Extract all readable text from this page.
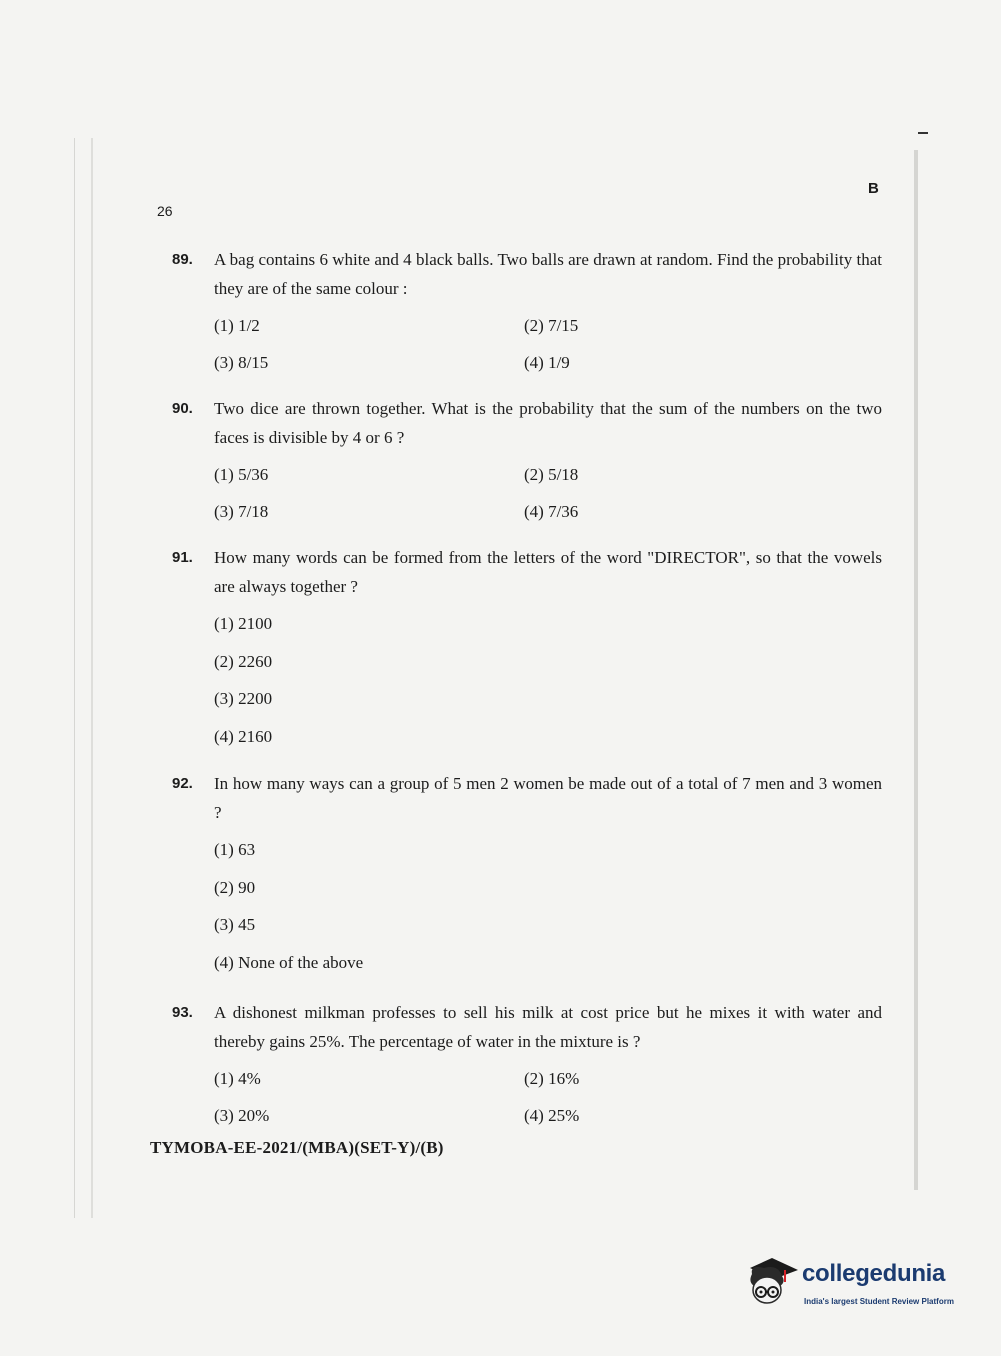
26
B
89. A bag contains 6 white and 4 black balls. Two balls are drawn at random. Find the probability that they are of the same colour :
(1) 1/2	(2) 7/15
(3) 8/15	(4) 1/9
90. Two dice are thrown together. What is the probability that the sum of the numbers on the two faces is divisible by 4 or 6 ?
(1) 5/36	(2) 5/18
(3) 7/18	(4) 7/36
91. How many words can be formed from the letters of the word "DIRECTOR", so that the vowels are always together ?
(1) 2100
(2) 2260
(3) 2200
(4) 2160
92. In how many ways can a group of 5 men 2 women be made out of a total of 7 men and 3 women ?
(1) 63
(2) 90
(3) 45
(4) None of the above
93. A dishonest milkman professes to sell his milk at cost price but he mixes it with water and thereby gains 25%. The percentage of water in the mixture is ?
(1) 4%	(2) 16%
(3) 20%	(4) 25%
TYMOBA-EE-2021/(MBA)(SET-Y)/(B)
collegedunia
India's largest Student Review Platform
